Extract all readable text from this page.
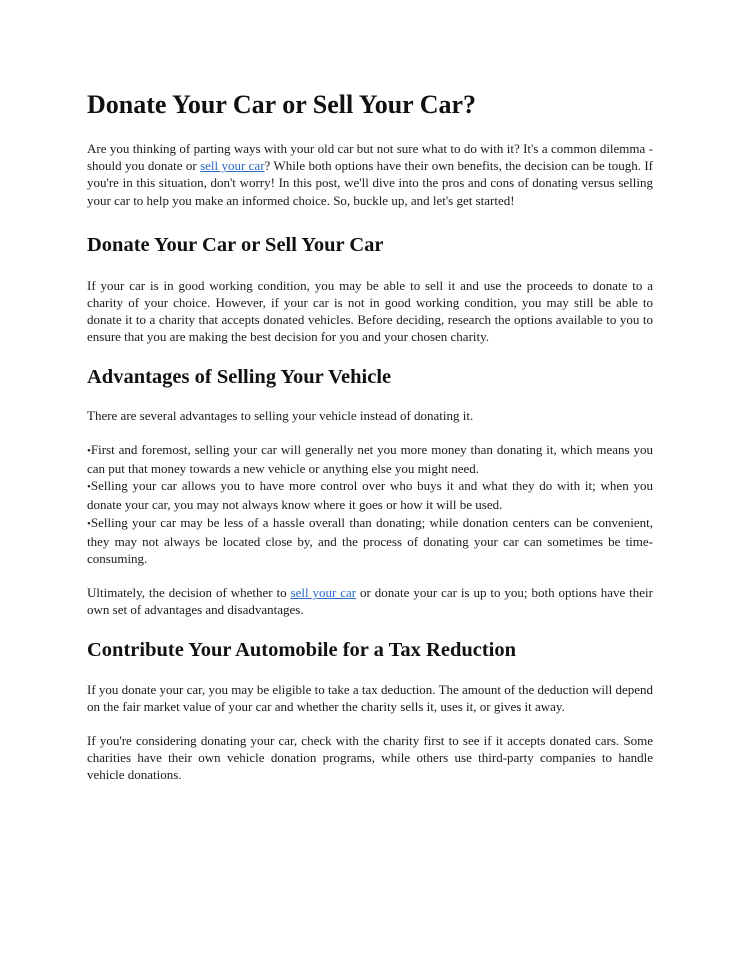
Donate Your Car or Sell Your Car?

Are you thinking of parting ways with your old car but not sure what to do with it? It's a common dilemma - should you donate or sell your car? While both options have their own benefits, the decision can be tough. If you're in this situation, don't worry! In this post, we'll dive into the pros and cons of donating versus selling your car to help you make an informed choice. So, buckle up, and let's get started!

Donate Your Car or Sell Your Car

If your car is in good working condition, you may be able to sell it and use the proceeds to donate to a charity of your choice. However, if your car is not in good working condition, you may still be able to donate it to a charity that accepts donated vehicles. Before deciding, research the options available to you to ensure that you are making the best decision for you and your chosen charity.

Advantages of Selling Your Vehicle

There are several advantages to selling your vehicle instead of donating it.

•First and foremost, selling your car will generally net you more money than donating it, which means you can put that money towards a new vehicle or anything else you might need.
•Selling your car allows you to have more control over who buys it and what they do with it; when you donate your car, you may not always know where it goes or how it will be used.
•Selling your car may be less of a hassle overall than donating; while donation centers can be convenient, they may not always be located close by, and the process of donating your car can sometimes be time-consuming.

Ultimately, the decision of whether to sell your car or donate your car is up to you; both options have their own set of advantages and disadvantages.

Contribute Your Automobile for a Tax Reduction

If you donate your car, you may be eligible to take a tax deduction. The amount of the deduction will depend on the fair market value of your car and whether the charity sells it, uses it, or gives it away.

If you're considering donating your car, check with the charity first to see if it accepts donated cars. Some charities have their own vehicle donation programs, while others use third-party companies to handle vehicle donations.
